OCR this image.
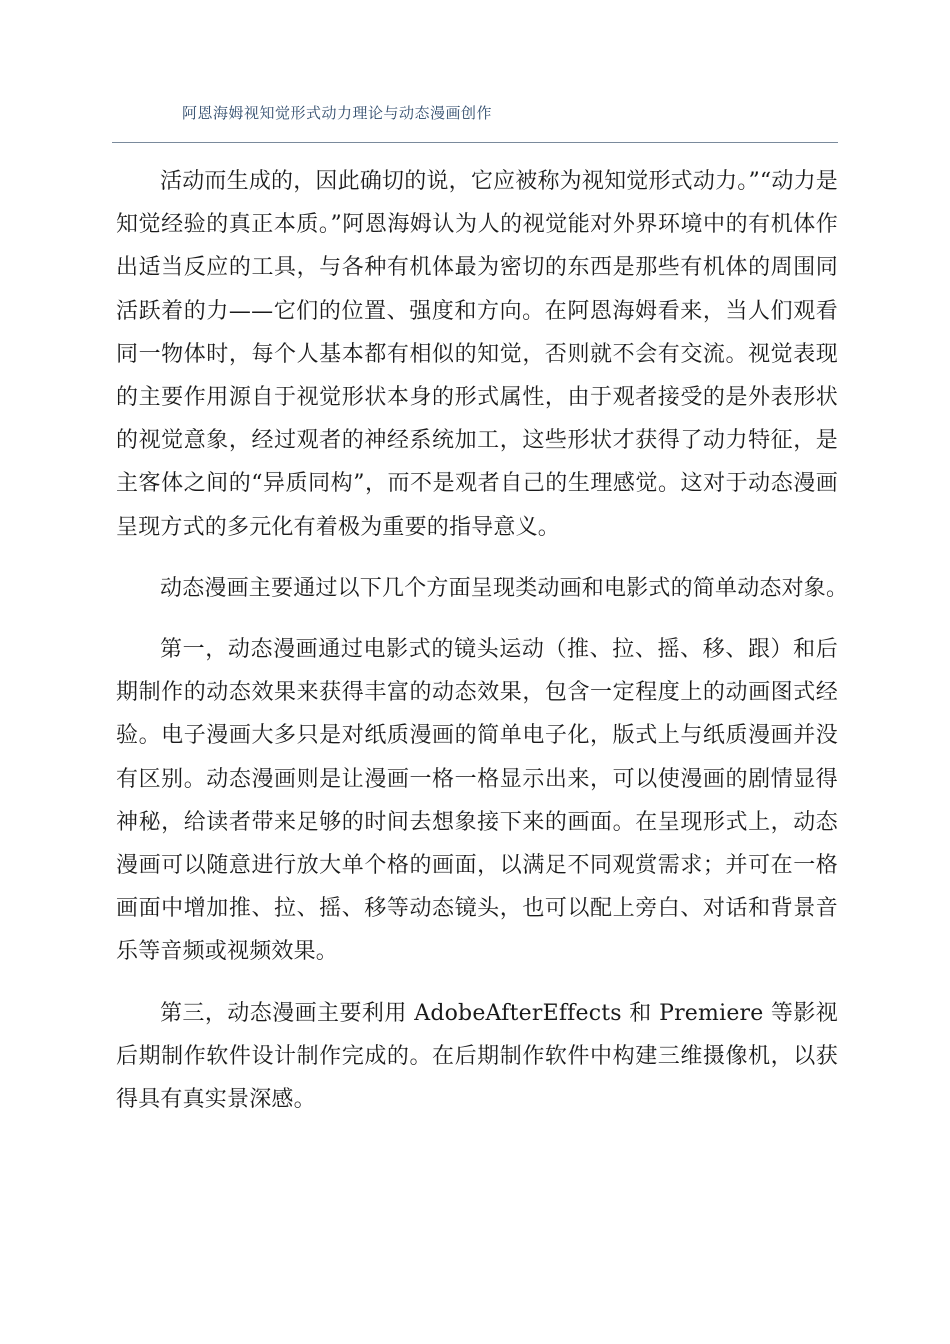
阿恩海姆视知觉形式动力理论与动态漫画创作

活动而生成的，因此确切的说，它应被称为视知觉形式动力。”“动力是知觉经验的真正本质。”阿恩海姆认为人的视觉能对外界环境中的有机体作出适当反应的工具，与各种有机体最为密切的东西是那些有机体的周围同活跃着的力——它们的位置、强度和方向。在阿恩海姆看来，当人们观看同一物体时，每个人基本都有相似的知觉，否则就不会有交流。视觉表现的主要作用源自于视觉形状本身的形式属性，由于观者接受的是外表形状的视觉意象，经过观者的神经系统加工，这些形状才获得了动力特征，是主客体之间的“异质同构”，而不是观者自己的生理感觉。这对于动态漫画呈现方式的多元化有着极为重要的指导意义。

动态漫画主要通过以下几个方面呈现类动画和电影式的简单动态对象。

第一，动态漫画通过电影式的镜头运动（推、拉、摇、移、跟）和后期制作的动态效果来获得丰富的动态效果，包含一定程度上的动画图式经验。电子漫画大多只是对纸质漫画的简单电子化，版式上与纸质漫画并没有区别。动态漫画则是让漫画一格一格显示出来，可以使漫画的剧情显得神秘，给读者带来足够的时间去想象接下来的画面。在呈现形式上，动态漫画可以随意进行放大单个格的画面，以满足不同观赏需求；并可在一格画面中增加推、拉、摇、移等动态镜头，也可以配上旁白、对话和背景音乐等音频或视频效果。

第三，动态漫画主要利用 AdobeAfterEffects 和 Premiere 等影视后期制作软件设计制作完成的。在后期制作软件中构建三维摄像机，以获得具有真实景深感。
